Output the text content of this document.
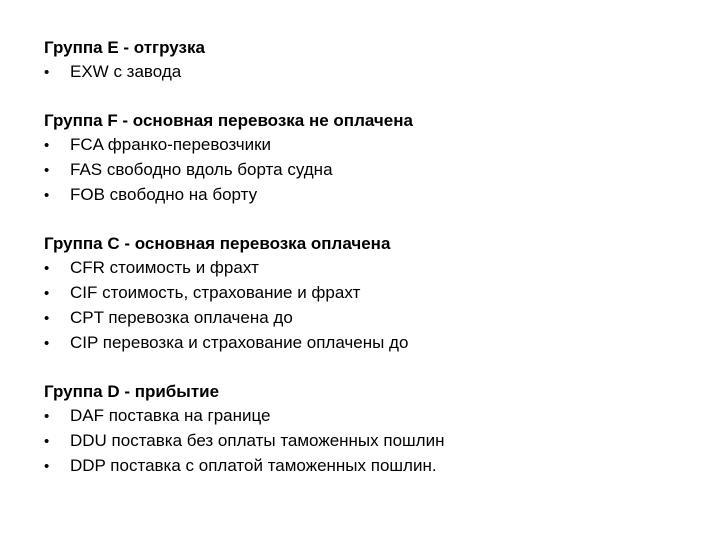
Группа E - отгрузка
•	EXW с завода
Группа F - основная перевозка не оплачена
•	FCA франко-перевозчики
•	FAS свободно вдоль борта судна
•	FOB свободно на борту
Группа C - основная перевозка оплачена
•	CFR стоимость и фрахт
•	CIF стоимость, страхование и фрахт
•	CPT перевозка оплачена до
•	CIP перевозка и страхование оплачены до
Группа D - прибытие
•	DAF поставка на границе
•	DDU поставка без оплаты таможенных пошлин
•	DDP поставка с оплатой таможенных пошлин.
